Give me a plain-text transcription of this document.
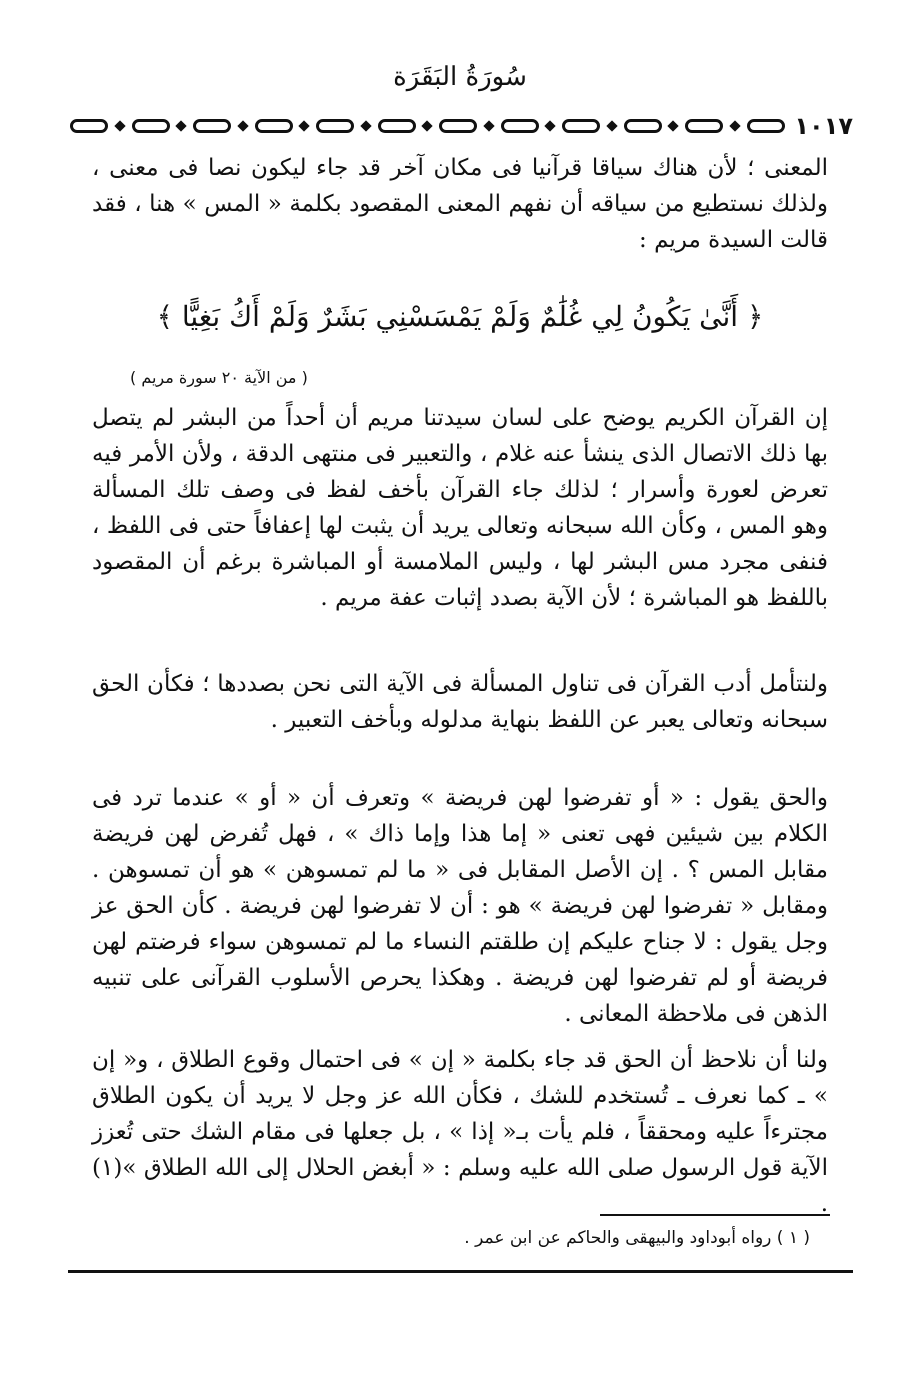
سُورَةُ البَقَرَة
١٠١٧

المعنى ؛ لأن هناك سياقا قرآنيا فى مكان آخر قد جاء ليكون نصا فى معنى ، ولذلك نستطيع من سياقه أن نفهم المعنى المقصود بكلمة « المس » هنا ، فقد قالت السيدة مريم :

﴿ أَنَّىٰ يَكُونُ لِي غُلَٰمٌ وَلَمْ يَمْسَسْنِي بَشَرٌ وَلَمْ أَكُ بَغِيًّا ﴾
( من الآية ٢٠ سورة مريم )

إن القرآن الكريم يوضح على لسان سيدتنا مريم أن أحداً من البشر لم يتصل بها ذلك الاتصال الذى ينشأ عنه غلام ، والتعبير فى منتهى الدقة ، ولأن الأمر فيه تعرض لعورة وأسرار ؛ لذلك جاء القرآن بأخف لفظ فى وصف تلك المسألة وهو المس ، وكأن الله سبحانه وتعالى يريد أن يثبت لها إعفافاً حتى فى اللفظ ، فنفى مجرد مس البشر لها ، وليس الملامسة أو المباشرة برغم أن المقصود باللفظ هو المباشرة ؛ لأن الآية بصدد إثبات عفة مريم .

ولنتأمل أدب القرآن فى تناول المسألة فى الآية التى نحن بصددها ؛ فكأن الحق سبحانه وتعالى يعبر عن اللفظ بنهاية مدلوله وبأخف التعبير .

والحق يقول : « أو تفرضوا لهن فريضة » وتعرف أن « أو » عندما ترد فى الكلام بين شيئين فهى تعنى « إما هذا وإما ذاك » ، فهل تُفرض لهن فريضة مقابل المس ؟ . إن الأصل المقابل فى « ما لم تمسوهن » هو أن تمسوهن . ومقابل « تفرضوا لهن فريضة » هو : أن لا تفرضوا لهن فريضة . كأن الحق عز وجل يقول : لا جناح عليكم إن طلقتم النساء ما لم تمسوهن سواء فرضتم لهن فريضة أو لم تفرضوا لهن فريضة . وهكذا يحرص الأسلوب القرآنى على تنبيه الذهن فى ملاحظة المعانى .

ولنا أن نلاحظ أن الحق قد جاء بكلمة « إن » فى احتمال وقوع الطلاق ، و« إن » ـ كما نعرف ـ تُستخدم للشك ، فكأن الله عز وجل لا يريد أن يكون الطلاق مجترءاً عليه ومحققاً ، فلم يأت بـ« إذا » ، بل جعلها فى مقام الشك حتى تُعزز الآية قول الرسول صلى الله عليه وسلم : « أبغض الحلال إلى الله الطلاق »(١) .

( ١ ) رواه أبوداود والبيهقى والحاكم عن ابن عمر .
